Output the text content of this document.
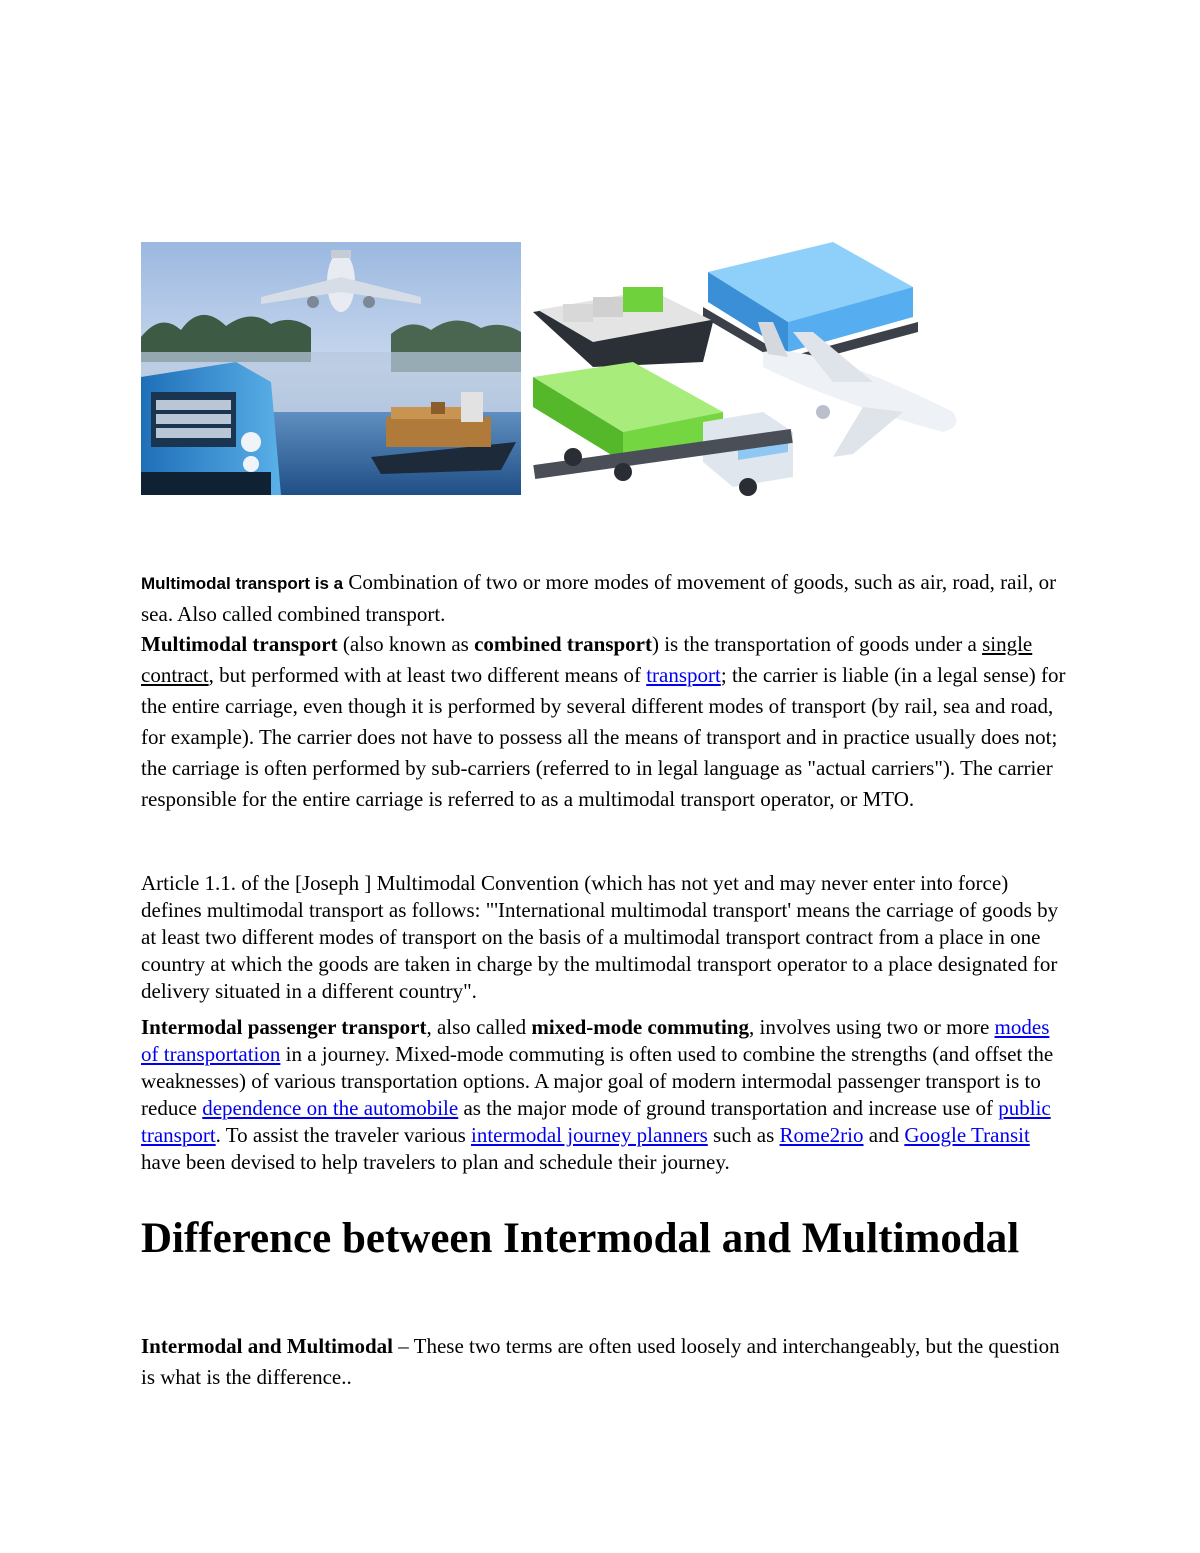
Multimodal transport is a Combination of two or more modes of movement of goods, such as air, road, rail, or sea. Also called combined transport.

Multimodal transport (also known as combined transport) is the transportation of goods under a single contract, but performed with at least two different means of transport; the carrier is liable (in a legal sense) for the entire carriage, even though it is performed by several different modes of transport (by rail, sea and road, for example). The carrier does not have to possess all the means of transport and in practice usually does not; the carriage is often performed by sub-carriers (referred to in legal language as "actual carriers"). The carrier responsible for the entire carriage is referred to as a multimodal transport operator, or MTO.

Article 1.1. of the [Joseph ] Multimodal Convention (which has not yet and may never enter into force) defines multimodal transport as follows: "'International multimodal transport' means the carriage of goods by at least two different modes of transport on the basis of a multimodal transport contract from a place in one country at which the goods are taken in charge by the multimodal transport operator to a place designated for delivery situated in a different country".

Intermodal passenger transport, also called mixed-mode commuting, involves using two or more modes of transportation in a journey. Mixed-mode commuting is often used to combine the strengths (and offset the weaknesses) of various transportation options. A major goal of modern intermodal passenger transport is to reduce dependence on the automobile as the major mode of ground transportation and increase use of public transport. To assist the traveler various intermodal journey planners such as Rome2rio and Google Transit have been devised to help travelers to plan and schedule their journey.

Difference between Intermodal and Multimodal

Intermodal and Multimodal – These two terms are often used loosely and interchangeably, but the question is what is the difference..
